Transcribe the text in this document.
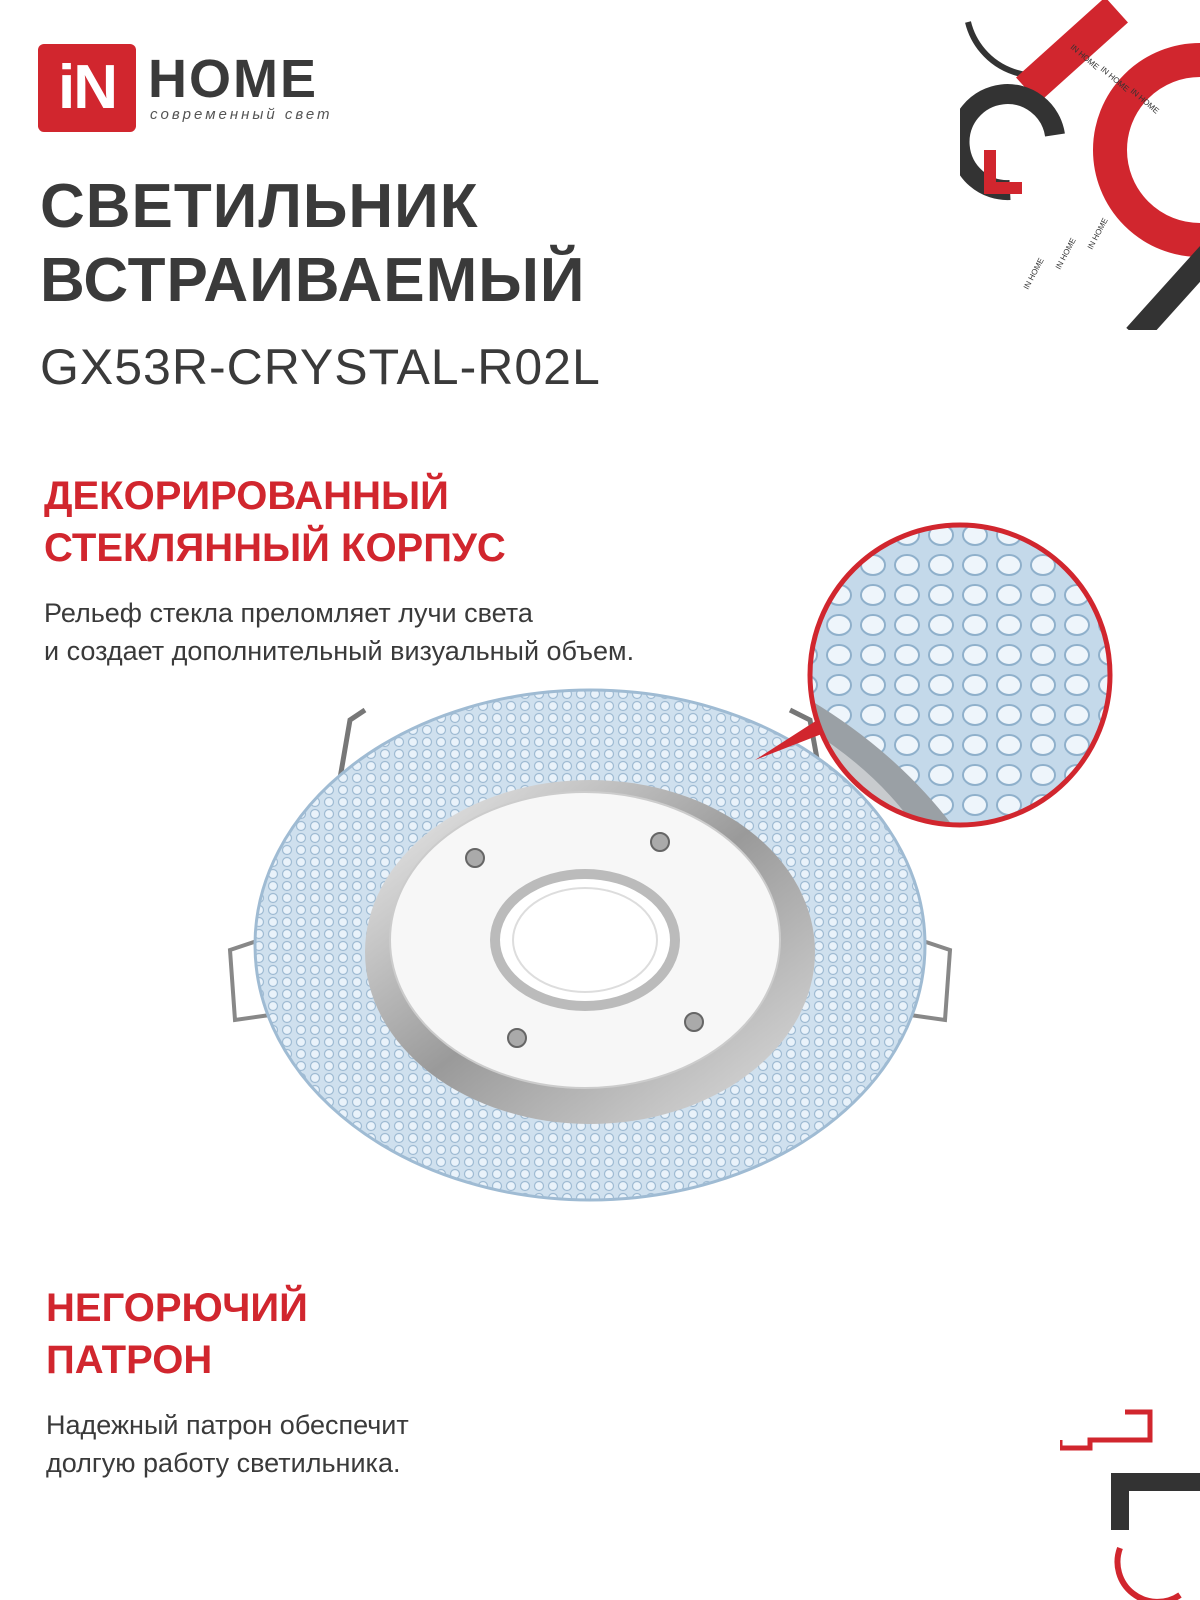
iN HOME
современный свет
IN HOME
IN HOME
IN HOME
IN HOME
IN HOME
IN HOME
СВЕТИЛЬНИК
ВСТРАИВАЕМЫЙ
GX53R-CRYSTAL-R02L
ДЕКОРИРОВАННЫЙ
СТЕКЛЯННЫЙ КОРПУС
Рельеф стекла преломляет лучи света
и создает дополнительный визуальный объем.
НЕГОРЮЧИЙ
ПАТРОН
Надежный патрон обеспечит
долгую работу светильника.
